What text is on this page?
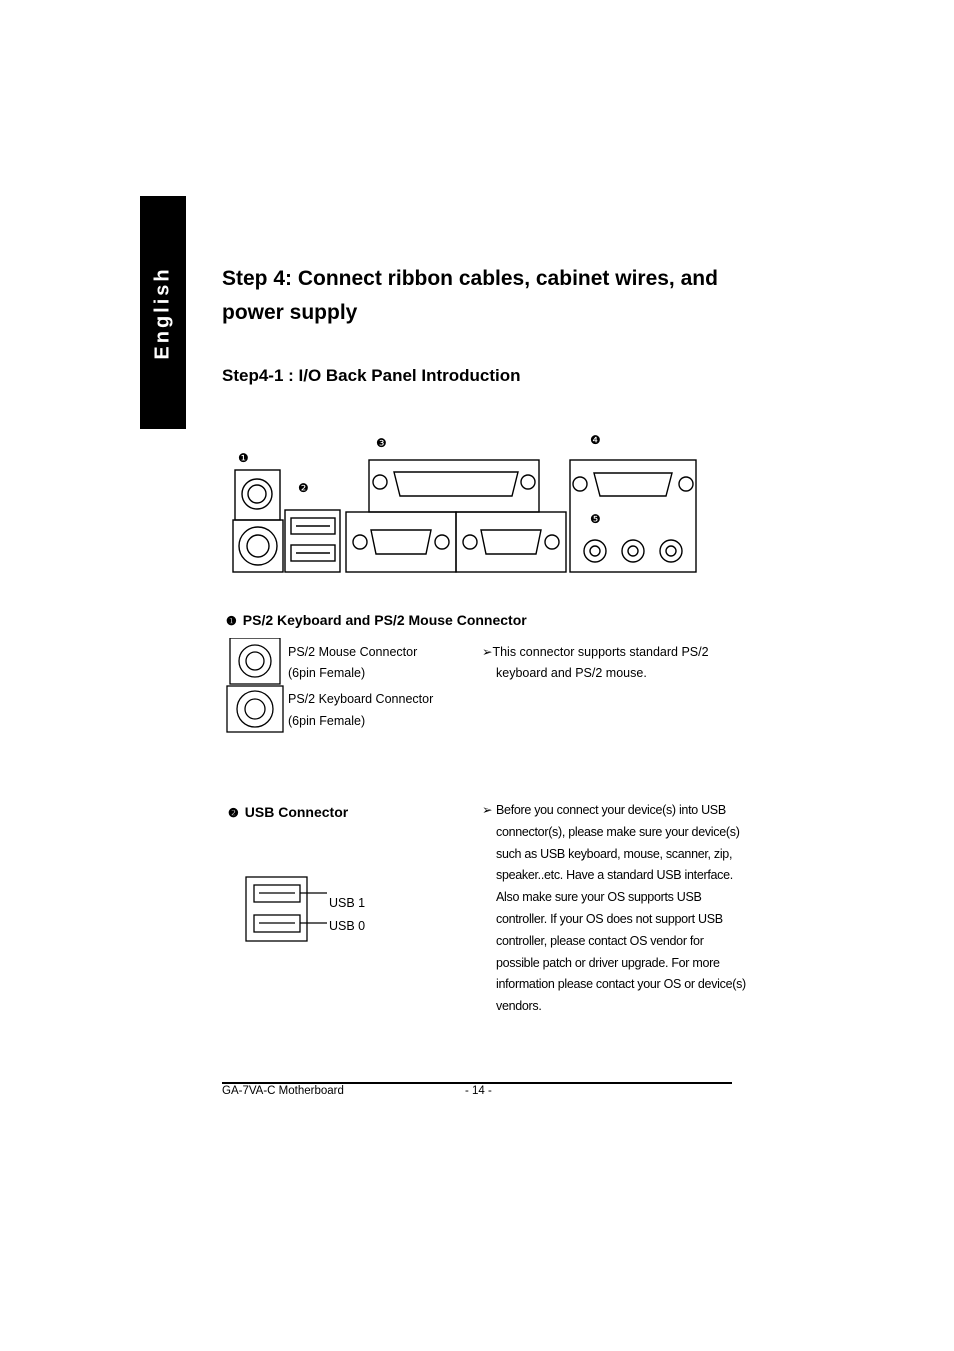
English Step 4: Connect ribbon cables, cabinet wires, and power supply
Step4-1 : I/O Back Panel Introduction
❶
❷
❸	❹
❺
❶ PS/2 Keyboard and PS/2 Mouse Connector
PS/2 Mouse Connector
(6pin Female)
PS/2 Keyboard Connector
(6pin Female)
➢This connector supports standard PS/2
keyboard and PS/2 mouse.
❷ USB Connector
USB 1
USB 0
➢ Before you connect your device(s) into USB
connector(s), please make sure your device(s)
such as USB keyboard, mouse, scanner, zip,
speaker..etc. Have a standard USB interface.
Also make sure your OS supports USB
controller. If your OS does not support USB
controller, please contact OS vendor for
possible patch or driver upgrade. For more
information please contact your OS or device(s)
vendors.
GA-7VA-C Motherboard	- 14 -
